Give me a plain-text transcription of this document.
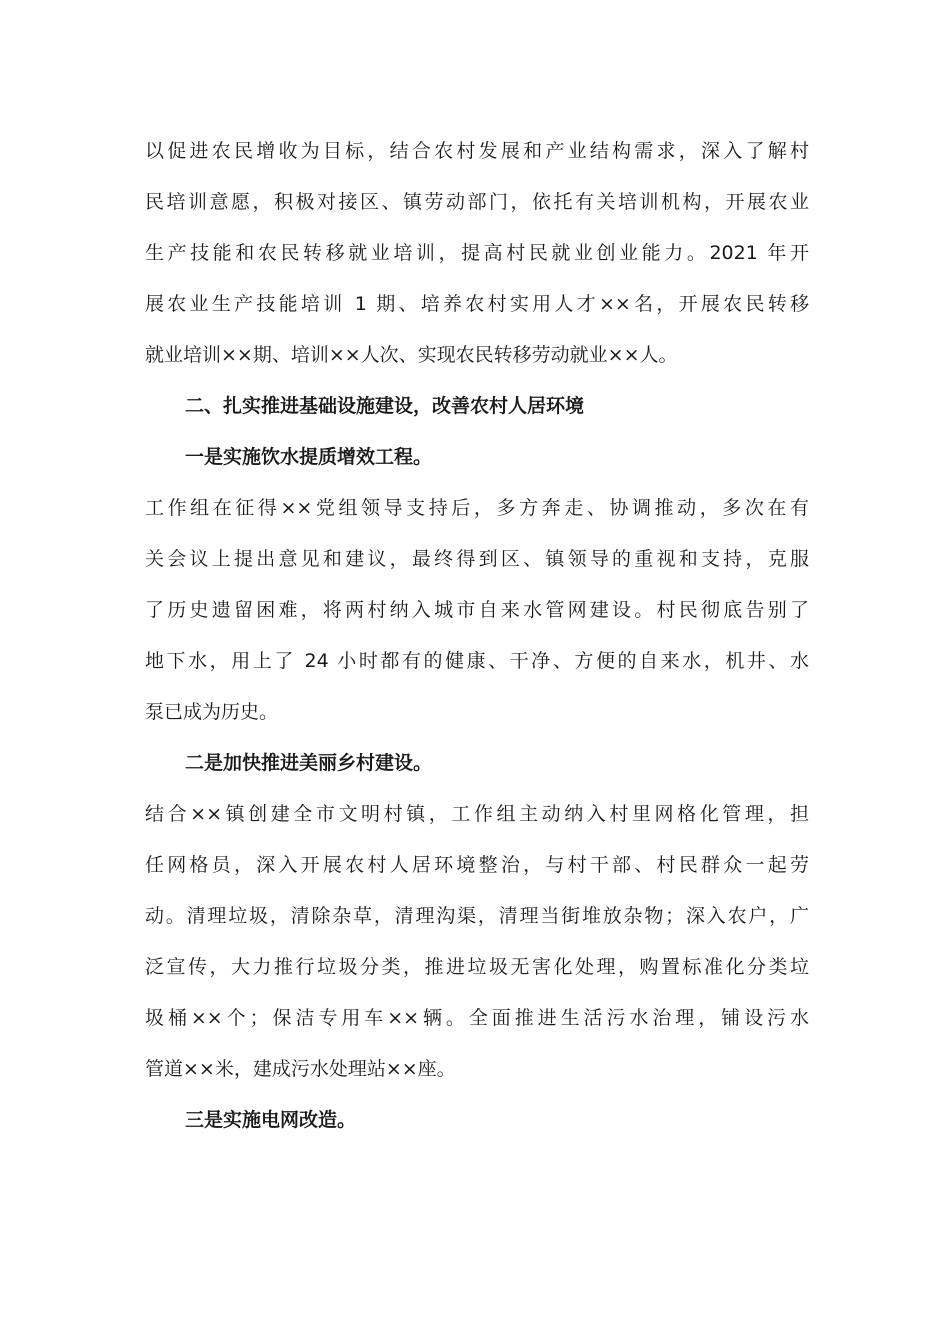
以促进农民增收为目标，结合农村发展和产业结构需求，深入了解村
民培训意愿，积极对接区、镇劳动部门，依托有关培训机构，开展农业
生产技能和农民转移就业培训，提高村民就业创业能力。2021 年开
展农业生产技能培训 1 期、培养农村实用人才××名，开展农民转移
就业培训××期、培训××人次、实现农民转移劳动就业××人。
二、扎实推进基础设施建设，改善农村人居环境
一是实施饮水提质增效工程。
工作组在征得××党组领导支持后，多方奔走、协调推动，多次在有
关会议上提出意见和建议，最终得到区、镇领导的重视和支持，克服
了历史遗留困难，将两村纳入城市自来水管网建设。村民彻底告别了
地下水，用上了 24 小时都有的健康、干净、方便的自来水，机井、水
泵已成为历史。
二是加快推进美丽乡村建设。
结合××镇创建全市文明村镇，工作组主动纳入村里网格化管理，担
任网格员，深入开展农村人居环境整治，与村干部、村民群众一起劳
动。清理垃圾，清除杂草，清理沟渠，清理当街堆放杂物；深入农户，广
泛宣传，大力推行垃圾分类，推进垃圾无害化处理，购置标准化分类垃
圾桶××个；保洁专用车××辆。全面推进生活污水治理，铺设污水
管道××米，建成污水处理站××座。
三是实施电网改造。
